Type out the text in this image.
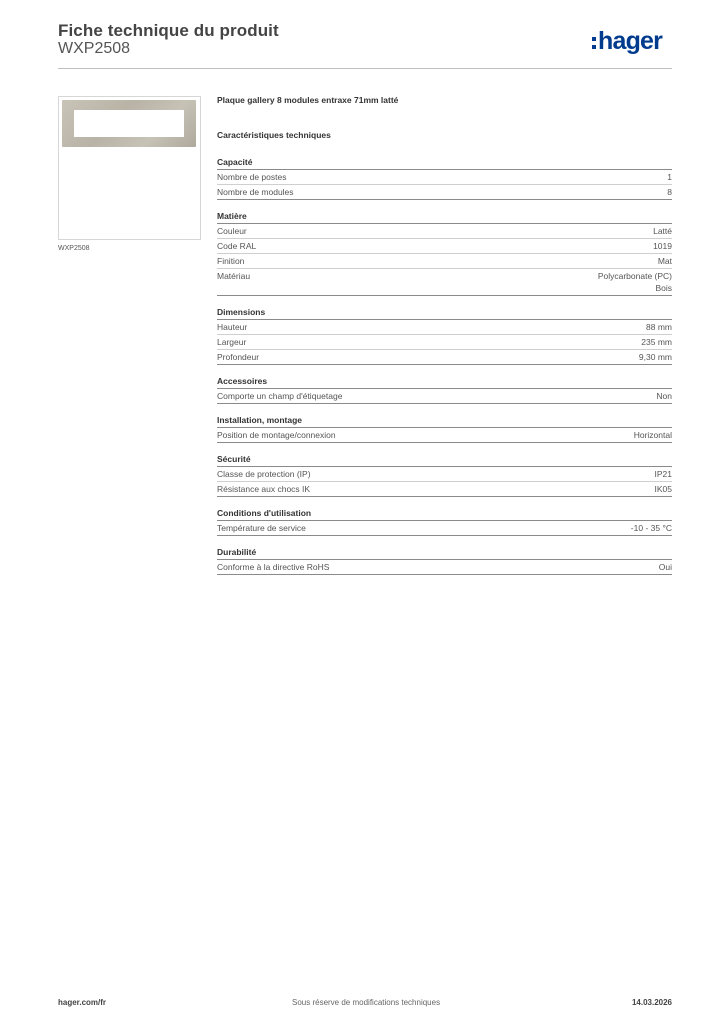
Fiche technique du produit
WXP2508	hager
WXP2508
Plaque gallery 8 modules entraxe 71mm latté
Caractéristiques techniques
Capacité
Nombre de postes	1
Nombre de modules	8
Matière
Couleur	Latté
Code RAL	1019
Finition	Mat
Matériau	Polycarbonate (PC)
Bois
Dimensions
Hauteur	88 mm
Largeur	235 mm
Profondeur	9,30 mm
Accessoires
Comporte un champ d'étiquetage	Non
Installation, montage
Position de montage/connexion	Horizontal
Sécurité
Classe de protection (IP)	IP21
Résistance aux chocs IK	IK05
Conditions d'utilisation
Température de service	-10 - 35 °C
Durabilité
Conforme à la directive RoHS	Oui
hager.com/fr	Sous réserve de modifications techniques	14.03.2026
